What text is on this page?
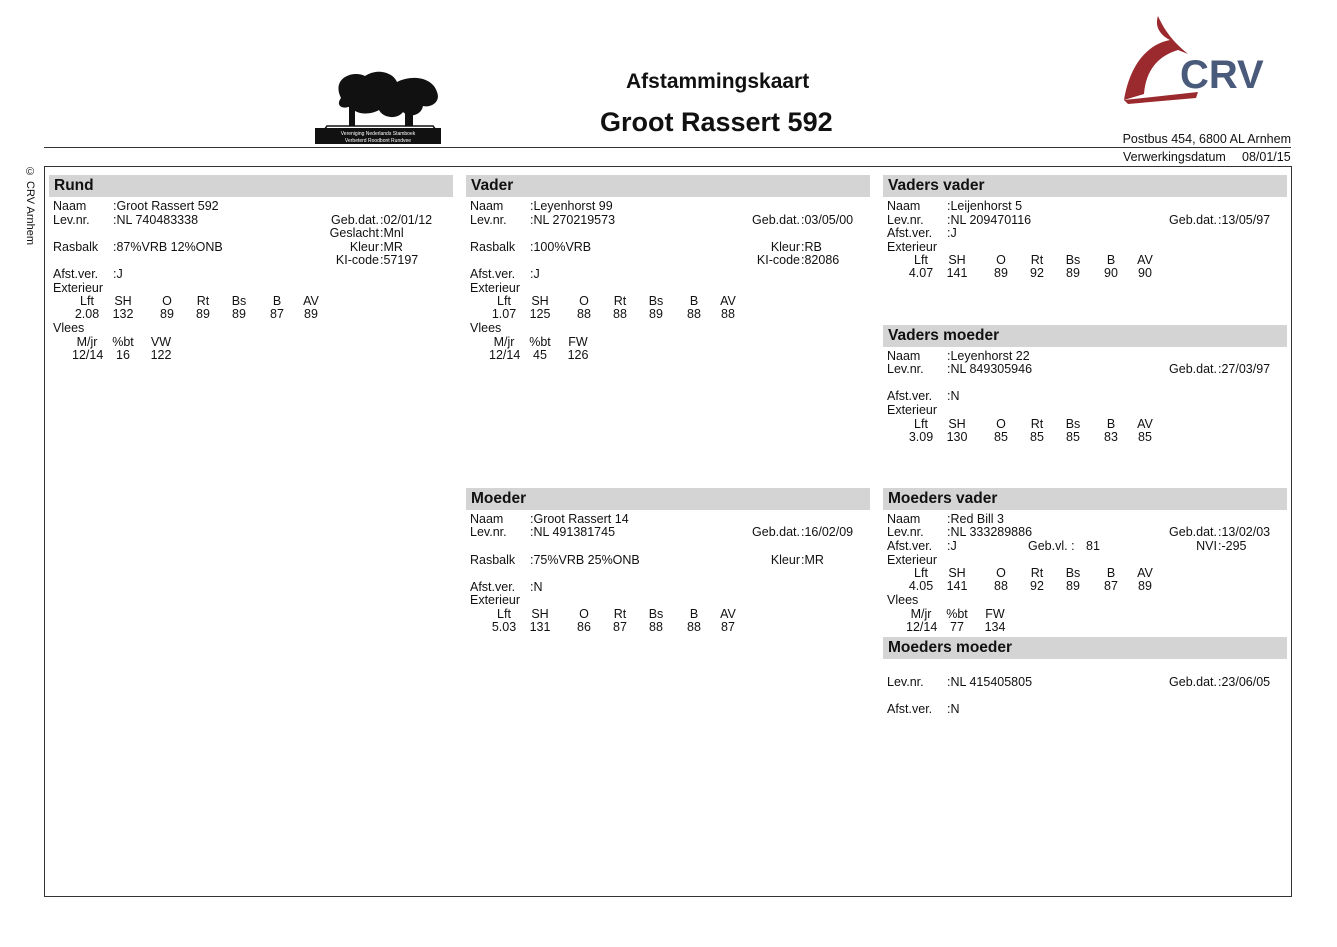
Vereniging Nederlands Stamboek
Verbeterd Roodbont Rundvee
Afstammingskaart
Groot Rassert 592
CRV
Postbus 454, 6800 AL Arnhem
Verwerkingsdatum 08/01/15
© CRV Arnhem	Rund
Naam :Groot Rassert 592
Lev.nr. :NL 740483338	Geb.dat. :02/01/12
Geslacht :Mnl
Rasbalk :87%VRB 12%ONB	Kleur :MR
KI-code :57197
Afst.ver. :J
Exterieur
Lft	SH	O	Rt	Bs	B	AV
2.08	132	89	89	89	87	89
Vlees
M/jr	%bt	VW
12/14	16	122
Vader
Naam :Leyenhorst 99
Lev.nr. :NL 270219573	Geb.dat. :03/05/00
Rasbalk :100%VRB	Kleur :RB
KI-code :82086
Afst.ver. :J
Exterieur
Lft	SH	O	Rt	Bs	B	AV
1.07	125	88	88	89	88	88
Vlees
M/jr	%bt	FW
12/14	45	126
Moeder
Naam :Groot Rassert 14
Lev.nr. :NL 491381745	Geb.dat. :16/02/09
Rasbalk :75%VRB 25%ONB	Kleur :MR
Afst.ver. :N
Exterieur
Lft	SH	O	Rt	Bs	B	AV
5.03	131	86	87	88	88	87
Vaders vader
Naam :Leijenhorst 5
Lev.nr. :NL 209470116	Geb.dat. :13/05/97
Afst.ver. :J
Exterieur
Lft	SH	O	Rt	Bs	B	AV
4.07	141	89	92	89	90	90
Vaders moeder
Naam :Leyenhorst 22
Lev.nr. :NL 849305946	Geb.dat. :27/03/97
Afst.ver. :N
Exterieur
Lft	SH	O	Rt	Bs	B	AV
3.09	130	85	85	85	83	85
Moeders vader
Naam :Red Bill 3
Lev.nr. :NL 333289886	Geb.dat. :13/02/03
Afst.ver. :J	Geb.vl. : 81	NVI :-295
Exterieur
Lft	SH	O	Rt	Bs	B	AV
4.05	141	88	92	89	87	89
Vlees
M/jr	%bt	FW
12/14	77	134
Moeders moeder
Lev.nr. :NL 415405805	Geb.dat. :23/06/05
Afst.ver. :N
